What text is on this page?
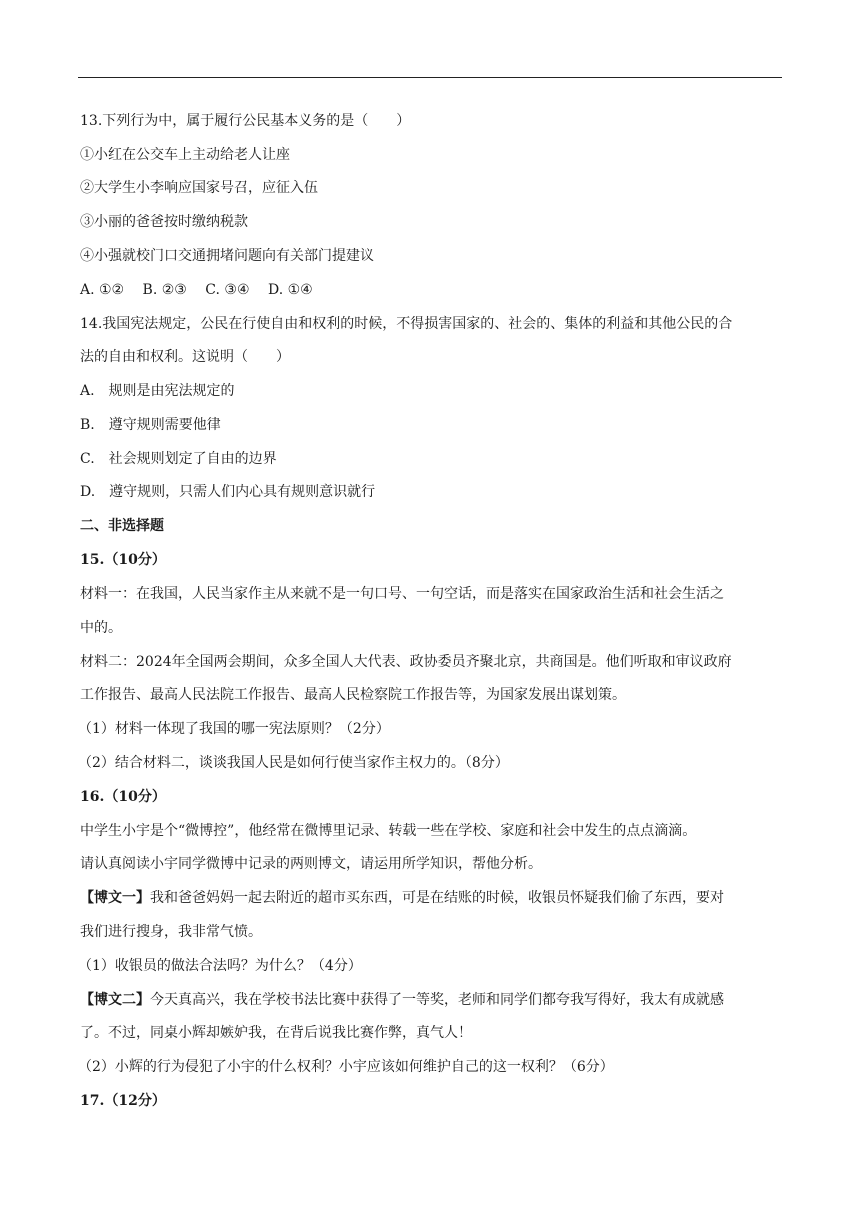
13.下列行为中，属于履行公民基本义务的是（　　）
①小红在公交车上主动给老人让座
②大学生小李响应国家号召，应征入伍
③小丽的爸爸按时缴纳税款
④小强就校门口交通拥堵问题向有关部门提建议
A. ①②　 B. ②③　 C. ③④　 D. ①④
14.我国宪法规定，公民在行使自由和权利的时候，不得损害国家的、社会的、集体的利益和其他公民的合
法的自由和权利。这说明（　　）
A.　规则是由宪法规定的
B.　遵守规则需要他律
C.　社会规则划定了自由的边界
D.　遵守规则，只需人们内心具有规则意识就行
二、非选择题
15.（10分）
材料一：在我国，人民当家作主从来就不是一句口号、一句空话，而是落实在国家政治生活和社会生活之
中的。
材料二：2024年全国两会期间，众多全国人大代表、政协委员齐聚北京，共商国是。他们听取和审议政府
工作报告、最高人民法院工作报告、最高人民检察院工作报告等，为国家发展出谋划策。
（1）材料一体现了我国的哪一宪法原则？（2分）
（2）结合材料二，谈谈我国人民是如何行使当家作主权力的。（8分）
16.（10分）
中学生小宇是个“微博控”，他经常在微博里记录、转载一些在学校、家庭和社会中发生的点点滴滴。
请认真阅读小宇同学微博中记录的两则博文，请运用所学知识，帮他分析。
【博文一】我和爸爸妈妈一起去附近的超市买东西，可是在结账的时候，收银员怀疑我们偷了东西，要对
我们进行搜身，我非常气愤。
（1）收银员的做法合法吗？为什么？（4分）
【博文二】今天真高兴，我在学校书法比赛中获得了一等奖，老师和同学们都夸我写得好，我太有成就感
了。不过，同桌小辉却嫉妒我，在背后说我比赛作弊，真气人！
（2）小辉的行为侵犯了小宇的什么权利？小宇应该如何维护自己的这一权利？（6分）
17.（12分）
